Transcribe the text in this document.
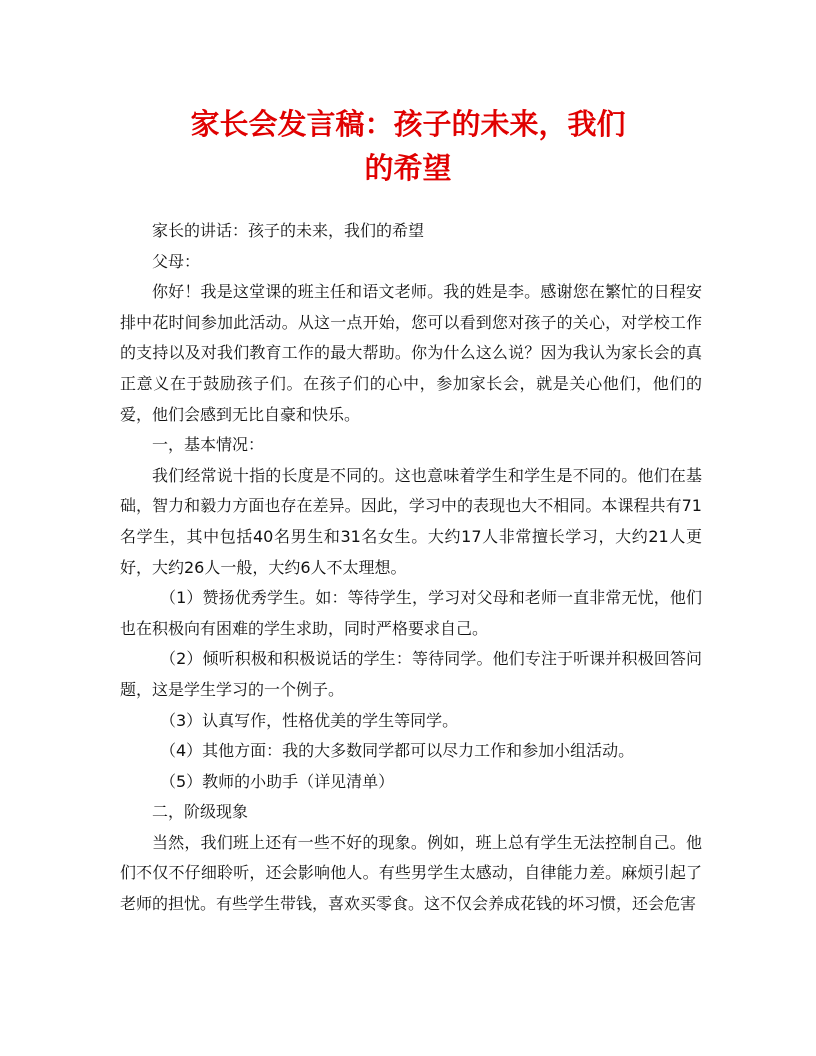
家长会发言稿：孩子的未来，我们
的希望

家长的讲话：孩子的未来，我们的希望

父母：

你好！我是这堂课的班主任和语文老师。我的姓是李。感谢您在繁忙的日程安排中花时间参加此活动。从这一点开始，您可以看到您对孩子的关心，对学校工作的支持以及对我们教育工作的最大帮助。你为什么这么说？因为我认为家长会的真正意义在于鼓励孩子们。在孩子们的心中，参加家长会，就是关心他们，他们的爱，他们会感到无比自豪和快乐。

一，基本情况：

我们经常说十指的长度是不同的。这也意味着学生和学生是不同的。他们在基础，智力和毅力方面也存在差异。因此，学习中的表现也大不相同。本课程共有71名学生，其中包括40名男生和31名女生。大约17人非常擅长学习，大约21人更好，大约26人一般，大约6人不太理想。

（1）赞扬优秀学生。如：等待学生，学习对父母和老师一直非常无忧，他们也在积极向有困难的学生求助，同时严格要求自己。

（2）倾听积极和积极说话的学生：等待同学。他们专注于听课并积极回答问题，这是学生学习的一个例子。

（3）认真写作，性格优美的学生等同学。

（4）其他方面：我的大多数同学都可以尽力工作和参加小组活动。

（5）教师的小助手（详见清单）

二，阶级现象

当然，我们班上还有一些不好的现象。例如，班上总有学生无法控制自己。他们不仅不仔细聆听，还会影响他人。有些男学生太感动，自律能力差。麻烦引起了老师的担忧。有些学生带钱，喜欢买零食。这不仅会养成花钱的坏习惯，还会危害
